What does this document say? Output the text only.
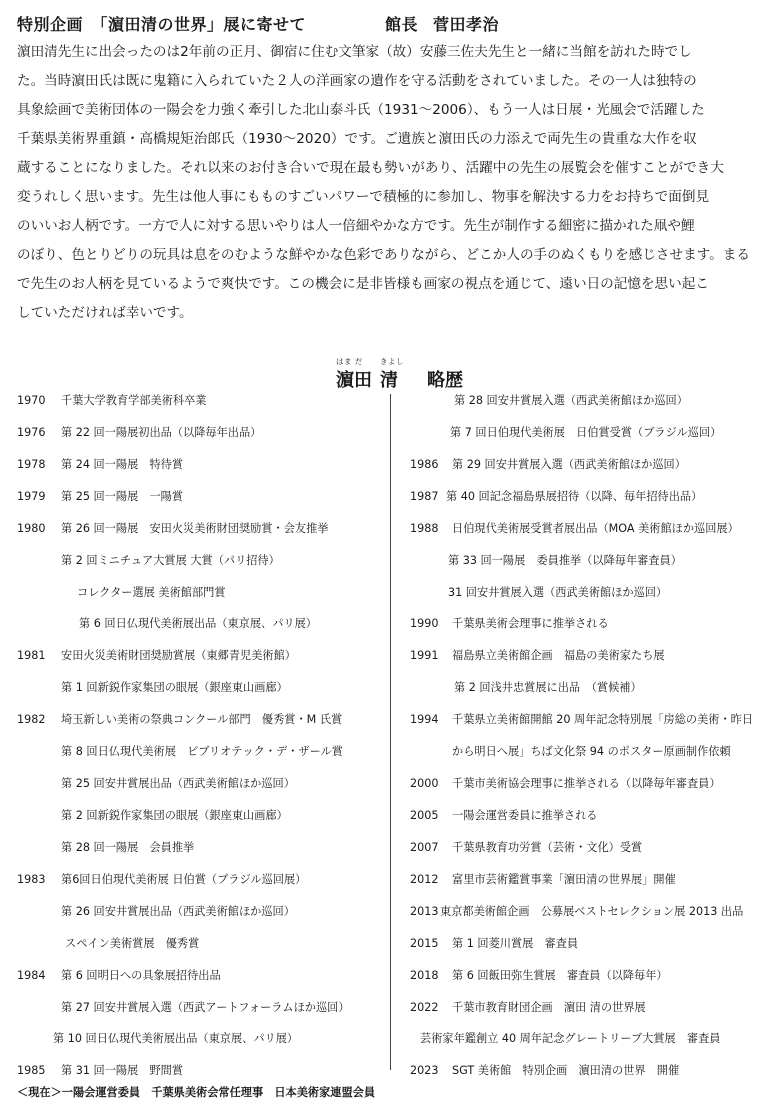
特別企画　「濵田清の世界」展に寄せて	館長 菅田孝治
濵田清先生に出会ったのは2年前の正月、御宿に住む文筆家（故）安藤三佐夫先生と一緒に当館を訪れた時でし
た。当時濵田氏は既に鬼籍に入られていた２人の洋画家の遺作を守る活動をされていました。その一人は独特の
具象絵画で美術団体の一陽会を力強く牽引した北山泰斗氏（1931～2006）、もう一人は日展・光風会で活躍した
千葉県美術界重鎮・高橋規矩治郎氏（1930～2020）です。ご遺族と濵田氏の力添えで両先生の貴重な大作を収
蔵することになりました。それ以来のお付き合いで現在最も勢いがあり、活躍中の先生の展覧会を催すことができ大
変うれしく思います。先生は他人事にもものすごいパワーで積極的に参加し、物事を解決する力をお持ちで面倒見
のいいお人柄です。一方で人に対する思いやりは人一倍細やかな方です。先生が制作する細密に描かれた凧や鯉
のぼり、色とりどりの玩具は息をのむような鮮やかな色彩でありながら、どこか人の手のぬくもりを感じさせます。まる
で先生のお人柄を見ているようで爽快です。この機会に是非皆様も画家の視点を通じて、遠い日の記憶を思い起こ
していただければ幸いです。
はま だ きよし
濵田 清 略歴
1970 千葉大学教育学部美術科卒業
1976 第 22 回一陽展初出品（以降毎年出品）
1978 第 24 回一陽展　特待賞
1979 第 25 回一陽展　一陽賞
1980 第 26 回一陽展　安田火災美術財団奨励賞・会友推挙
第 2 回ミニチュア大賞展 大賞（パリ招待）
コレクター選展 美術館部門賞
第 6 回日仏現代美術展出品（東京展、パリ展）
1981 安田火災美術財団奨励賞展（東郷青児美術館）
第 1 回新鋭作家集団の眼展（銀座東山画廊）
1982 埼玉新しい美術の祭典コンクール部門　優秀賞・M 氏賞
第 8 回日仏現代美術展　ビブリオテック・デ・ザール賞
第 25 回安井賞展出品（西武美術館ほか巡回）
第 2 回新鋭作家集団の眼展（銀座東山画廊）
第 28 回一陽展　会員推挙
1983 第6回日伯現代美術展 日伯賞（ブラジル巡回展）
第 26 回安井賞展出品（西武美術館ほか巡回）
スペイン美術賞展　優秀賞
1984 第 6 回明日への具象展招待出品
第 27 回安井賞展入選（西武アートフォーラムほか巡回）
第 10 回日仏現代美術展出品（東京展、パリ展）
1985 第 31 回一陽展　野間賞
第 28 回安井賞展入選（西武美術館ほか巡回）
第 7 回日伯現代美術展　日伯賞受賞（ブラジル巡回）
1986 第 29 回安井賞展入選（西武美術館ほか巡回）
1987 第 40 回記念福島県展招待（以降、毎年招待出品）
1988 日伯現代美術展受賞者展出品（MOA 美術館ほか巡回展）
第 33 回一陽展　委員推挙（以降毎年審査員）
31 回安井賞展入選（西武美術館ほか巡回）
1990 千葉県美術会理事に推挙される
1991 福島県立美術館企画　福島の美術家たち展
第 2 回浅井忠賞展に出品　（賞候補）
1994 千葉県立美術館開館 20 周年記念特別展「房総の美術・昨日
から明日へ展」ちば文化祭 94 のポスター原画制作依頼
2000 千葉市美術協会理事に推挙される（以降毎年審査員）
2005 一陽会運営委員に推挙される
2007 千葉県教育功労賞（芸術・文化）受賞
2012 富里市芸術鑑賞事業「濵田清の世界展」開催
2013 東京都美術館企画　公募展ベストセレクション展 2013 出品
2015 第 1 回菱川賞展　審査員
2018 第 6 回飯田弥生賞展　審査員（以降毎年）
2022 千葉市教育財団企画　濵田 清の世界展
芸術家年鑑創立 40 周年記念グレートリーブ大賞展　審査員
2023 SGT 美術館　特別企画　濵田清の世界　開催
＜現在＞一陽会運営委員　千葉県美術会常任理事　日本美術家連盟会員
